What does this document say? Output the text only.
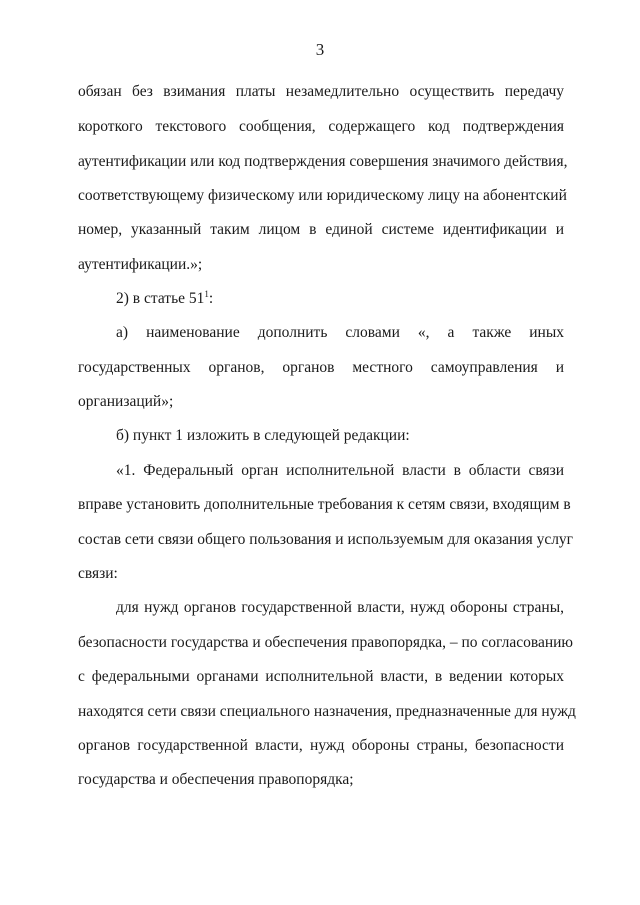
3
обязан без взимания платы незамедлительно осуществить передачу
короткого текстового сообщения, содержащего код подтверждения
аутентификации или код подтверждения совершения значимого действия,
соответствующему физическому или юридическому лицу на абонентский
номер, указанный таким лицом в единой системе идентификации и
аутентификации.»;
2) в статье $51^1$:
а) наименование дополнить словами «, а также иных
государственных органов, органов местного самоуправления и
организаций»;
б) пункт 1 изложить в следующей редакции:
«1. Федеральный орган исполнительной власти в области связи
вправе установить дополнительные требования к сетям связи, входящим в
состав сети связи общего пользования и используемым для оказания услуг
связи:
для нужд органов государственной власти, нужд обороны страны,
безопасности государства и обеспечения правопорядка, – по согласованию
с федеральными органами исполнительной власти, в ведении которых
находятся сети связи специального назначения, предназначенные для нужд
органов государственной власти, нужд обороны страны, безопасности
государства и обеспечения правопорядка;
